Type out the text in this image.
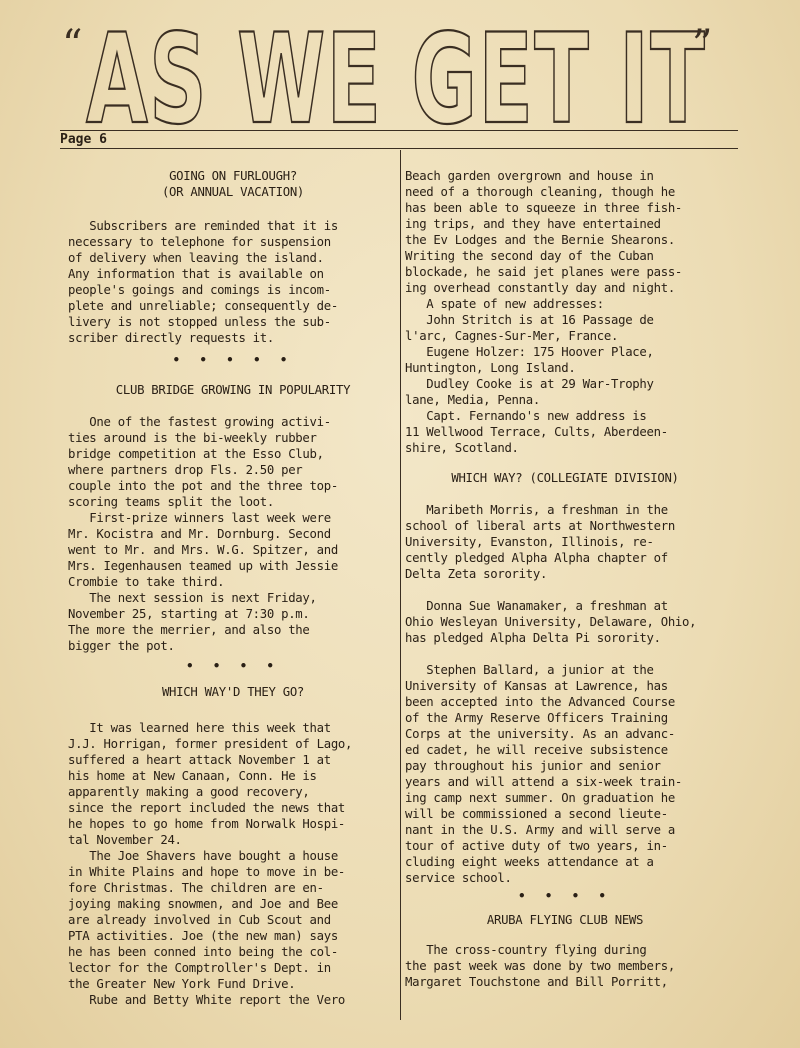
“ AS WE GET IT
”
Page 6

GOING ON FURLOUGH?

(OR ANNUAL VACATION)

Subscribers are reminded that it is
necessary to telephone for suspension
of delivery when leaving the island.
Any information that is available on
people's goings and comings is incom-
plete and unreliable; consequently de-
livery is not stopped unless the sub-
scriber directly requests it.

• • • • •

CLUB BRIDGE GROWING IN POPULARITY

One of the fastest growing activi-
ties around is the bi-weekly rubber
bridge competition at the Esso Club,
where partners drop Fls. 2.50 per
couple into the pot and the three top-
scoring teams split the loot.
First-prize winners last week were
Mr. Kocistra and Mr. Dornburg. Second
went to Mr. and Mrs. W.G. Spitzer, and
Mrs. Iegenhausen teamed up with Jessie
Crombie to take third.
The next session is next Friday,
November 25, starting at 7:30 p.m.
The more the merrier, and also the
bigger the pot.

• • • •

WHICH WAY'D THEY GO?

It was learned here this week that
J.J. Horrigan, former president of Lago,
suffered a heart attack November 1 at
his home at New Canaan, Conn. He is
apparently making a good recovery,
since the report included the news that
he hopes to go home from Norwalk Hospi-
tal November 24.
The Joe Shavers have bought a house
in White Plains and hope to move in be-
fore Christmas. The children are en-
joying making snowmen, and Joe and Bee
are already involved in Cub Scout and
PTA activities. Joe (the new man) says
he has been conned into being the col-
lector for the Comptroller's Dept. in
the Greater New York Fund Drive.
Rube and Betty White report the Vero
Beach garden overgrown and house in
need of a thorough cleaning, though he
has been able to squeeze in three fish-
ing trips, and they have entertained
the Ev Lodges and the Bernie Shearons.
Writing the second day of the Cuban
blockade, he said jet planes were pass-
ing overhead constantly day and night.
A spate of new addresses:
John Stritch is at 16 Passage de
l'arc, Cagnes-Sur-Mer, France.
Eugene Holzer: 175 Hoover Place,
Huntington, Long Island.
Dudley Cooke is at 29 War-Trophy
lane, Media, Penna.
Capt. Fernando's new address is
11 Wellwood Terrace, Cults, Aberdeen-
shire, Scotland.

WHICH WAY? (COLLEGIATE DIVISION)

Maribeth Morris, a freshman in the
school of liberal arts at Northwestern
University, Evanston, Illinois, re-
cently pledged Alpha Alpha chapter of
Delta Zeta sorority.
Donna Sue Wanamaker, a freshman at
Ohio Wesleyan University, Delaware, Ohio,
has pledged Alpha Delta Pi sorority.
Stephen Ballard, a junior at the
University of Kansas at Lawrence, has
been accepted into the Advanced Course
of the Army Reserve Officers Training
Corps at the university. As an advanc-
ed cadet, he will receive subsistence
pay throughout his junior and senior
years and will attend a six-week train-
ing camp next summer. On graduation he
will be commissioned a second lieute-
nant in the U.S. Army and will serve a
tour of active duty of two years, in-
cluding eight weeks attendance at a
service school.

• • • •

ARUBA FLYING CLUB NEWS

The cross-country flying during
the past week was done by two members,
Margaret Touchstone and Bill Porritt,
